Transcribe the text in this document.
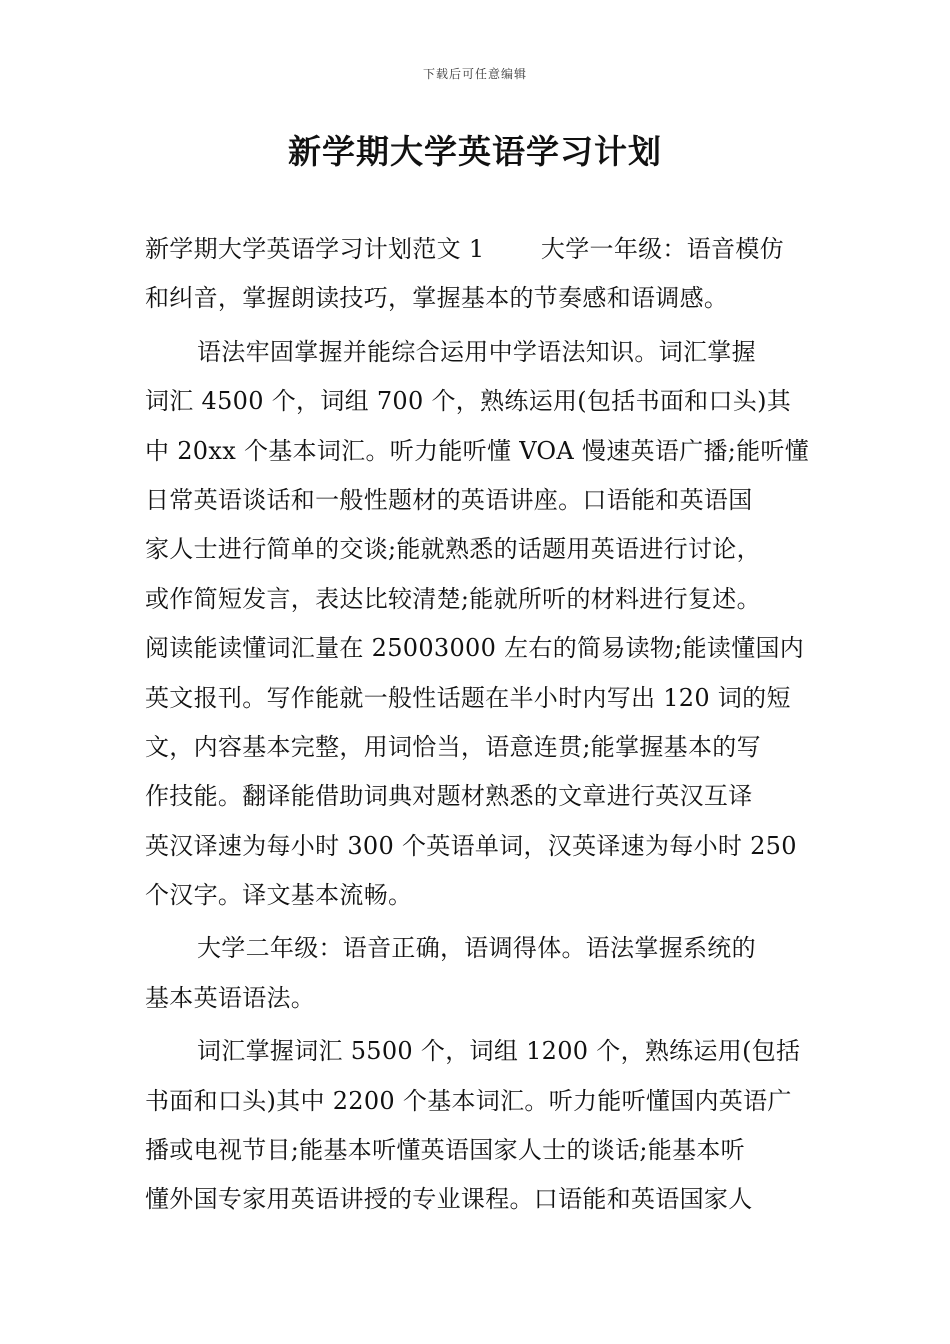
下载后可任意编辑
新学期大学英语学习计划
新学期大学英语学习计划范文 1　　 大学一年级：语音模仿
和纠音，掌握朗读技巧，掌握基本的节奏感和语调感。
语法牢固掌握并能综合运用中学语法知识。词汇掌握
词汇 4500 个，词组 700 个，熟练运用(包括书面和口头)其
中 20xx 个基本词汇。听力能听懂 VOA 慢速英语广播;能听懂
日常英语谈话和一般性题材的英语讲座。口语能和英语国
家人士进行简单的交谈;能就熟悉的话题用英语进行讨论，
或作简短发言，表达比较清楚;能就所听的材料进行复述。
阅读能读懂词汇量在 25003000 左右的简易读物;能读懂国内
英文报刊。写作能就一般性话题在半小时内写出 120 词的短
文，内容基本完整，用词恰当，语意连贯;能掌握基本的写
作技能。翻译能借助词典对题材熟悉的文章进行英汉互译
英汉译速为每小时 300 个英语单词，汉英译速为每小时 250
个汉字。译文基本流畅。
大学二年级：语音正确，语调得体。语法掌握系统的
基本英语语法。
词汇掌握词汇 5500 个，词组 1200 个，熟练运用(包括
书面和口头)其中 2200 个基本词汇。听力能听懂国内英语广
播或电视节目;能基本听懂英语国家人士的谈话;能基本听
懂外国专家用英语讲授的专业课程。口语能和英语国家人
